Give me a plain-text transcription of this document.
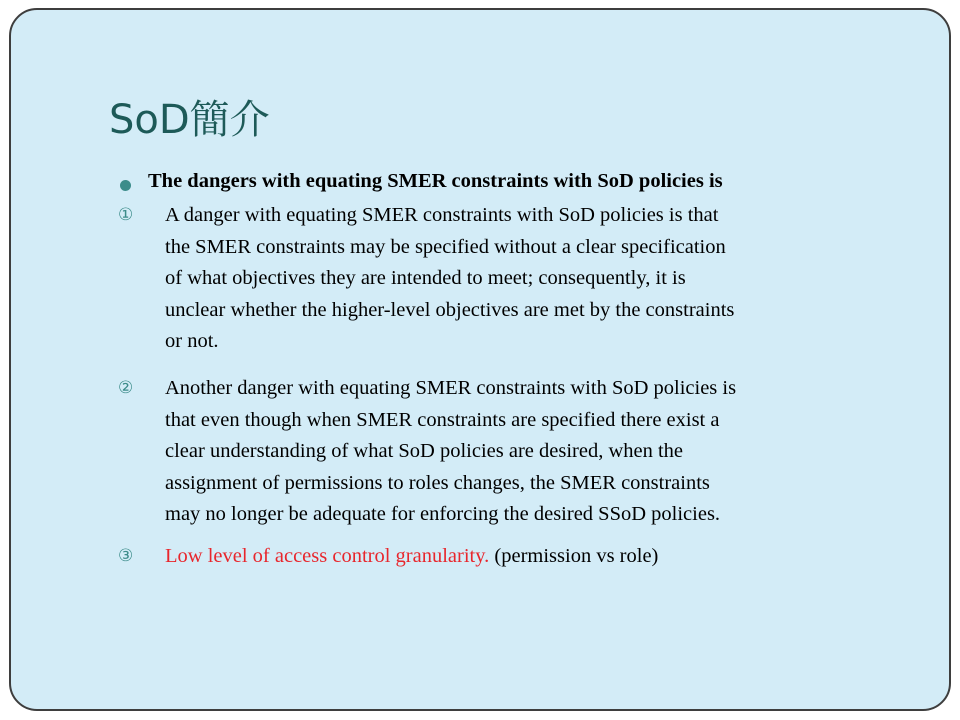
SoD簡介
The dangers with equating SMER constraints with SoD policies is
① A danger with equating SMER constraints with SoD policies is that
the SMER constraints may be specified without a clear specification
of what objectives they are intended to meet; consequently, it is
unclear whether the higher-level objectives are met by the constraints
or not.
② Another danger with equating SMER constraints with SoD policies is
that even though when SMER constraints are specified there exist a
clear understanding of what SoD policies are desired, when the
assignment of permissions to roles changes, the SMER constraints
may no longer be adequate for enforcing the desired SSoD policies.
③ Low level of access control granularity. (permission vs role)
